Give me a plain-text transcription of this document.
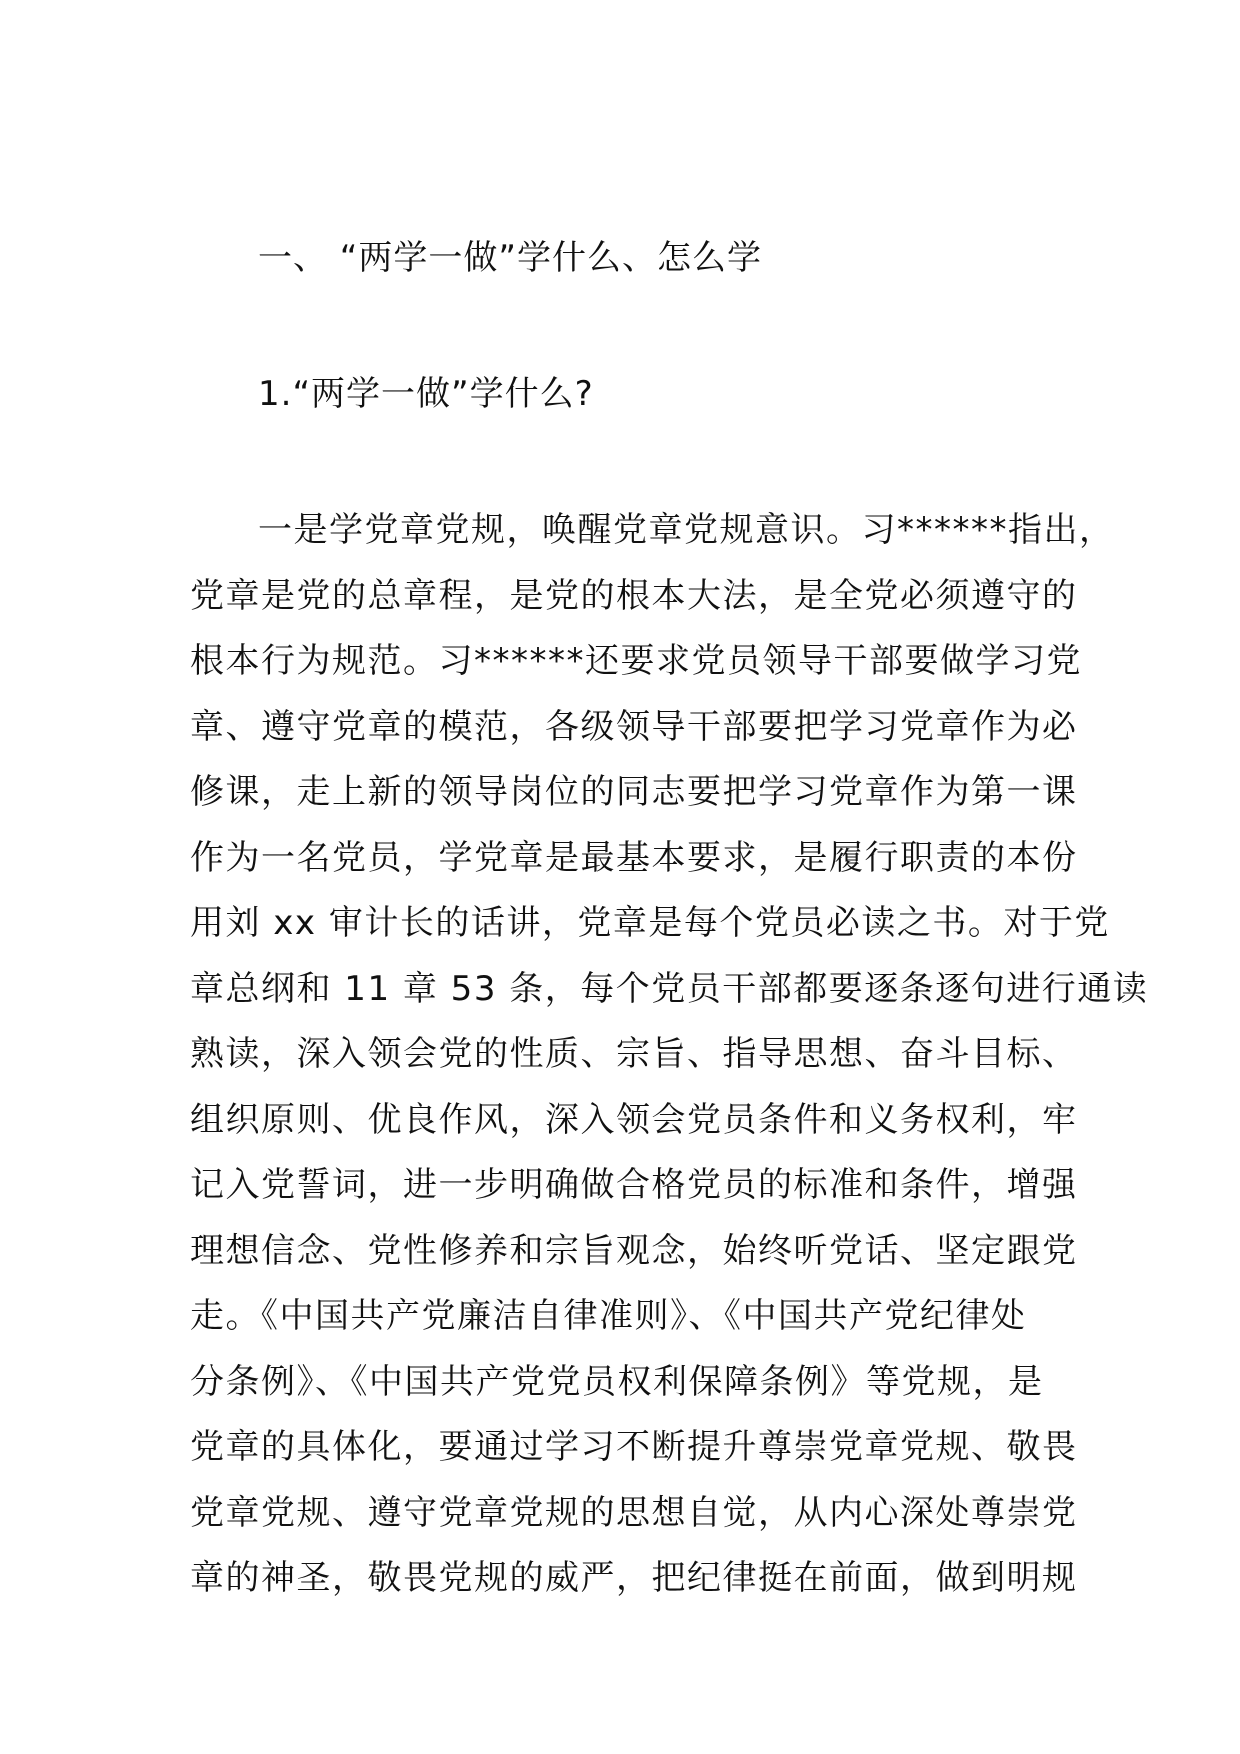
一、 “两学一做”学什么、怎么学
1.“两学一做”学什么?
一是学党章党规，唤醒党章党规意识。习******指出，
党章是党的总章程，是党的根本大法，是全党必须遵守的
根本行为规范。习******还要求党员领导干部要做学习党
章、遵守党章的模范，各级领导干部要把学习党章作为必
修课，走上新的领导岗位的同志要把学习党章作为第一课
作为一名党员，学党章是最基本要求，是履行职责的本份
用刘 xx 审计长的话讲，党章是每个党员必读之书。对于党
章总纲和 11 章 53 条，每个党员干部都要逐条逐句进行通读
熟读，深入领会党的性质、宗旨、指导思想、奋斗目标、
组织原则、优良作风，深入领会党员条件和义务权利，牢
记入党誓词，进一步明确做合格党员的标准和条件，增强
理想信念、党性修养和宗旨观念，始终听党话、坚定跟党
走。《中国共产党廉洁自律准则》、《中国共产党纪律处
分条例》、《中国共产党党员权利保障条例》等党规，是
党章的具体化，要通过学习不断提升尊崇党章党规、敬畏
党章党规、遵守党章党规的思想自觉，从内心深处尊崇党
章的神圣，敬畏党规的威严，把纪律挺在前面，做到明规
